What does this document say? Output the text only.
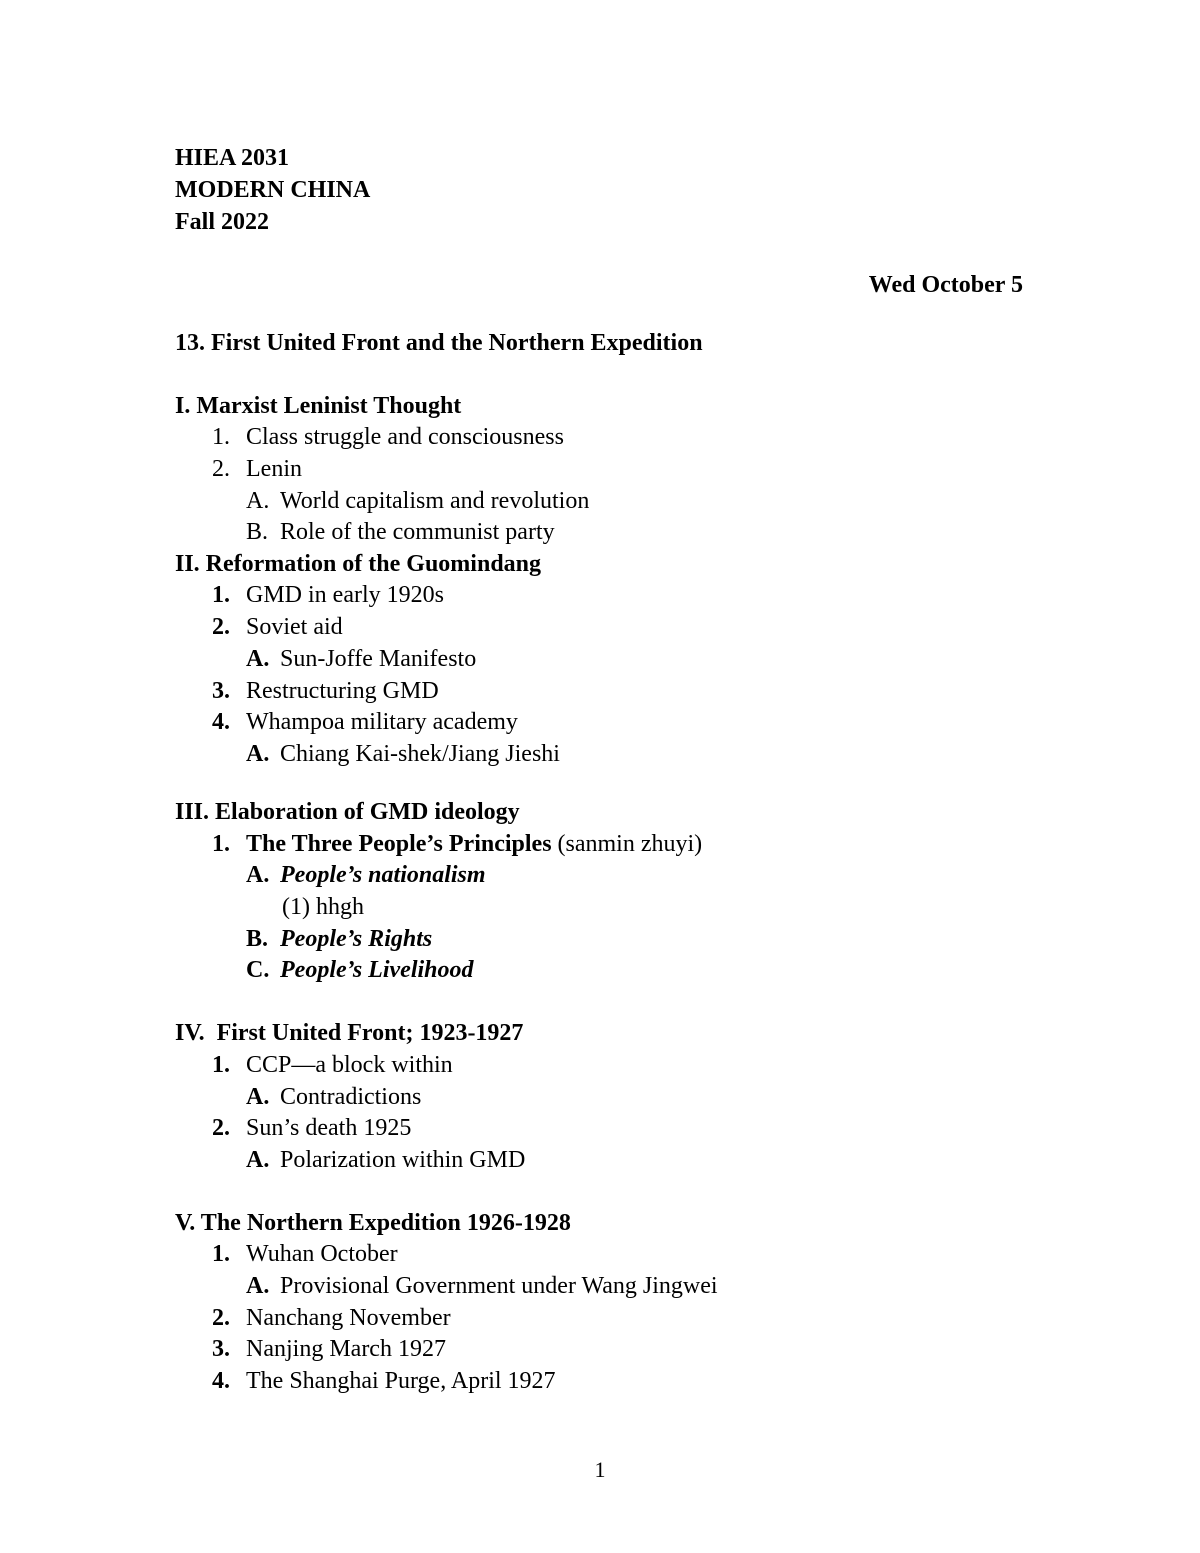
HIEA 2031
MODERN CHINA
Fall 2022
Wed October 5
13. First United Front and the Northern Expedition
I. Marxist Leninist Thought
1. Class struggle and consciousness
2. Lenin
A. World capitalism and revolution
B. Role of the communist party
II. Reformation of the Guomindang
1. GMD in early 1920s
2. Soviet aid
A. Sun-Joffe Manifesto
3. Restructuring GMD
4. Whampoa military academy
A. Chiang Kai-shek/Jiang Jieshi
III. Elaboration of GMD ideology
1. The Three People’s Principles (sanmin zhuyi)
A. People’s nationalism
(1) hhgh
B. People’s Rights
C. People’s Livelihood
IV.  First United Front; 1923-1927
1. CCP—a block within
A. Contradictions
2. Sun’s death 1925
A. Polarization within GMD
V. The Northern Expedition 1926-1928
1. Wuhan October
A. Provisional Government under Wang Jingwei
2. Nanchang November
3. Nanjing March 1927
4. The Shanghai Purge, April 1927
1
